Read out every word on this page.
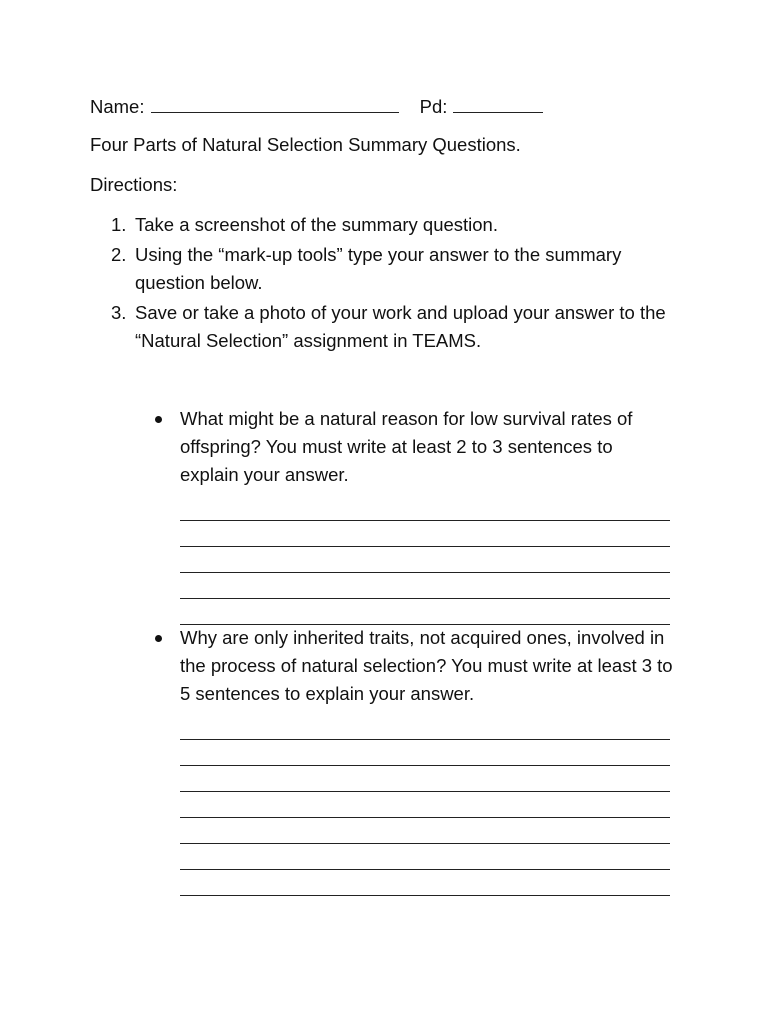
Name:	Pd:
Four Parts of Natural Selection Summary Questions.
Directions:
1. Take a screenshot of the summary question.
2. Using the “mark-up tools” type your answer to the summary question below.
3. Save or take a photo of your work and upload your answer to the “Natural Selection” assignment in TEAMS.
What might be a natural reason for low survival rates of offspring? You must write at least 2 to 3 sentences to explain your answer.
Why are only inherited traits, not acquired ones, involved in the process of natural selection? You must write at least 3 to 5 sentences to explain your answer.
